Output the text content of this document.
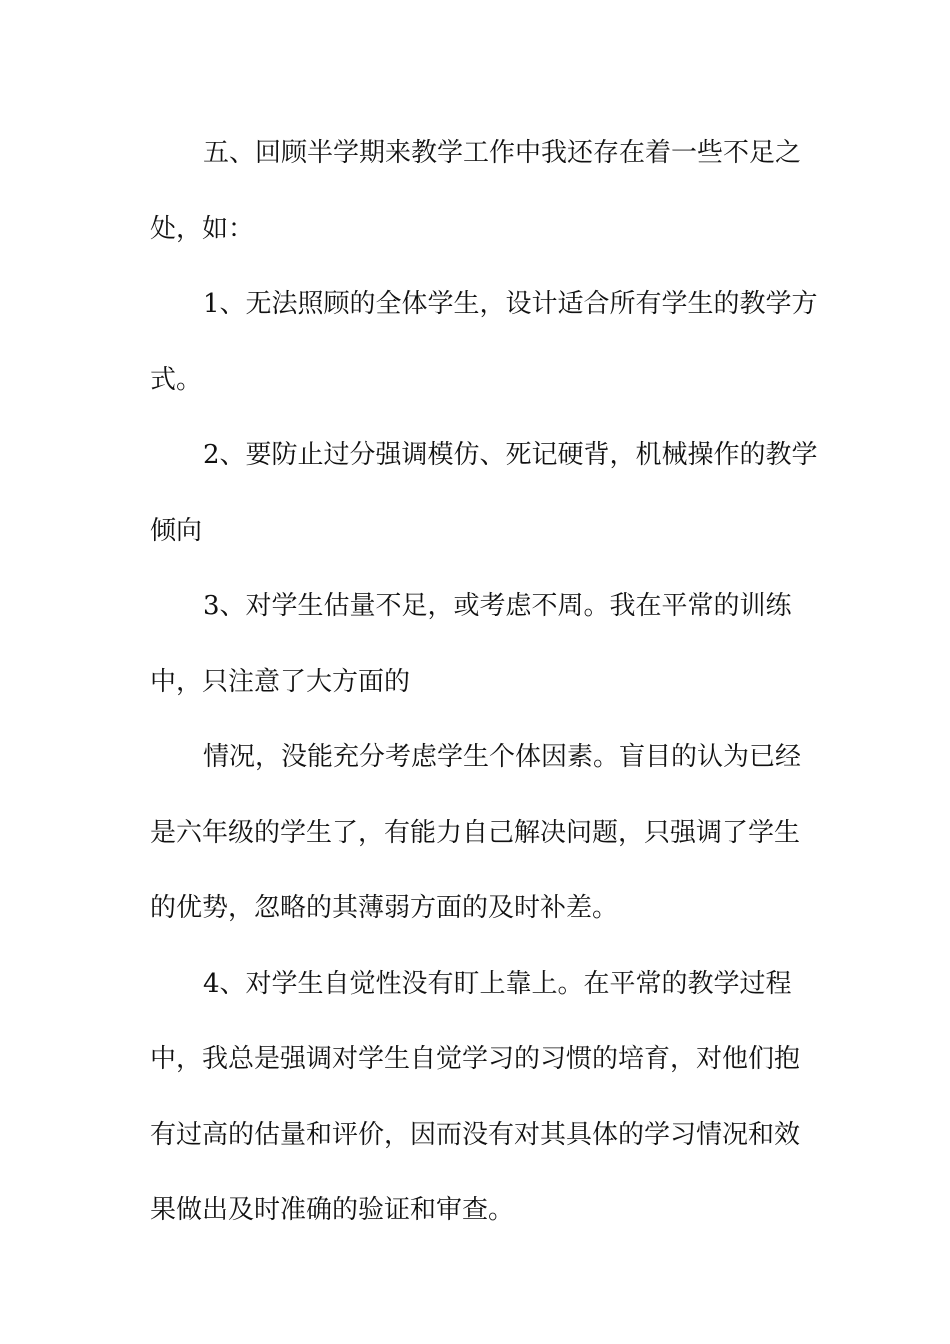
五、回顾半学期来教学工作中我还存在着一些不足之
处，如：
1、无法照顾的全体学生，设计适合所有学生的教学方
式。
2、要防止过分强调模仿、死记硬背，机械操作的教学
倾向
3、对学生估量不足，或考虑不周。我在平常的训练
中，只注意了大方面的
情况，没能充分考虑学生个体因素。盲目的认为已经
是六年级的学生了，有能力自己解决问题，只强调了学生
的优势，忽略的其薄弱方面的及时补差。
4、对学生自觉性没有盯上靠上。在平常的教学过程
中，我总是强调对学生自觉学习的习惯的培育，对他们抱
有过高的估量和评价，因而没有对其具体的学习情况和效
果做出及时准确的验证和审查。
